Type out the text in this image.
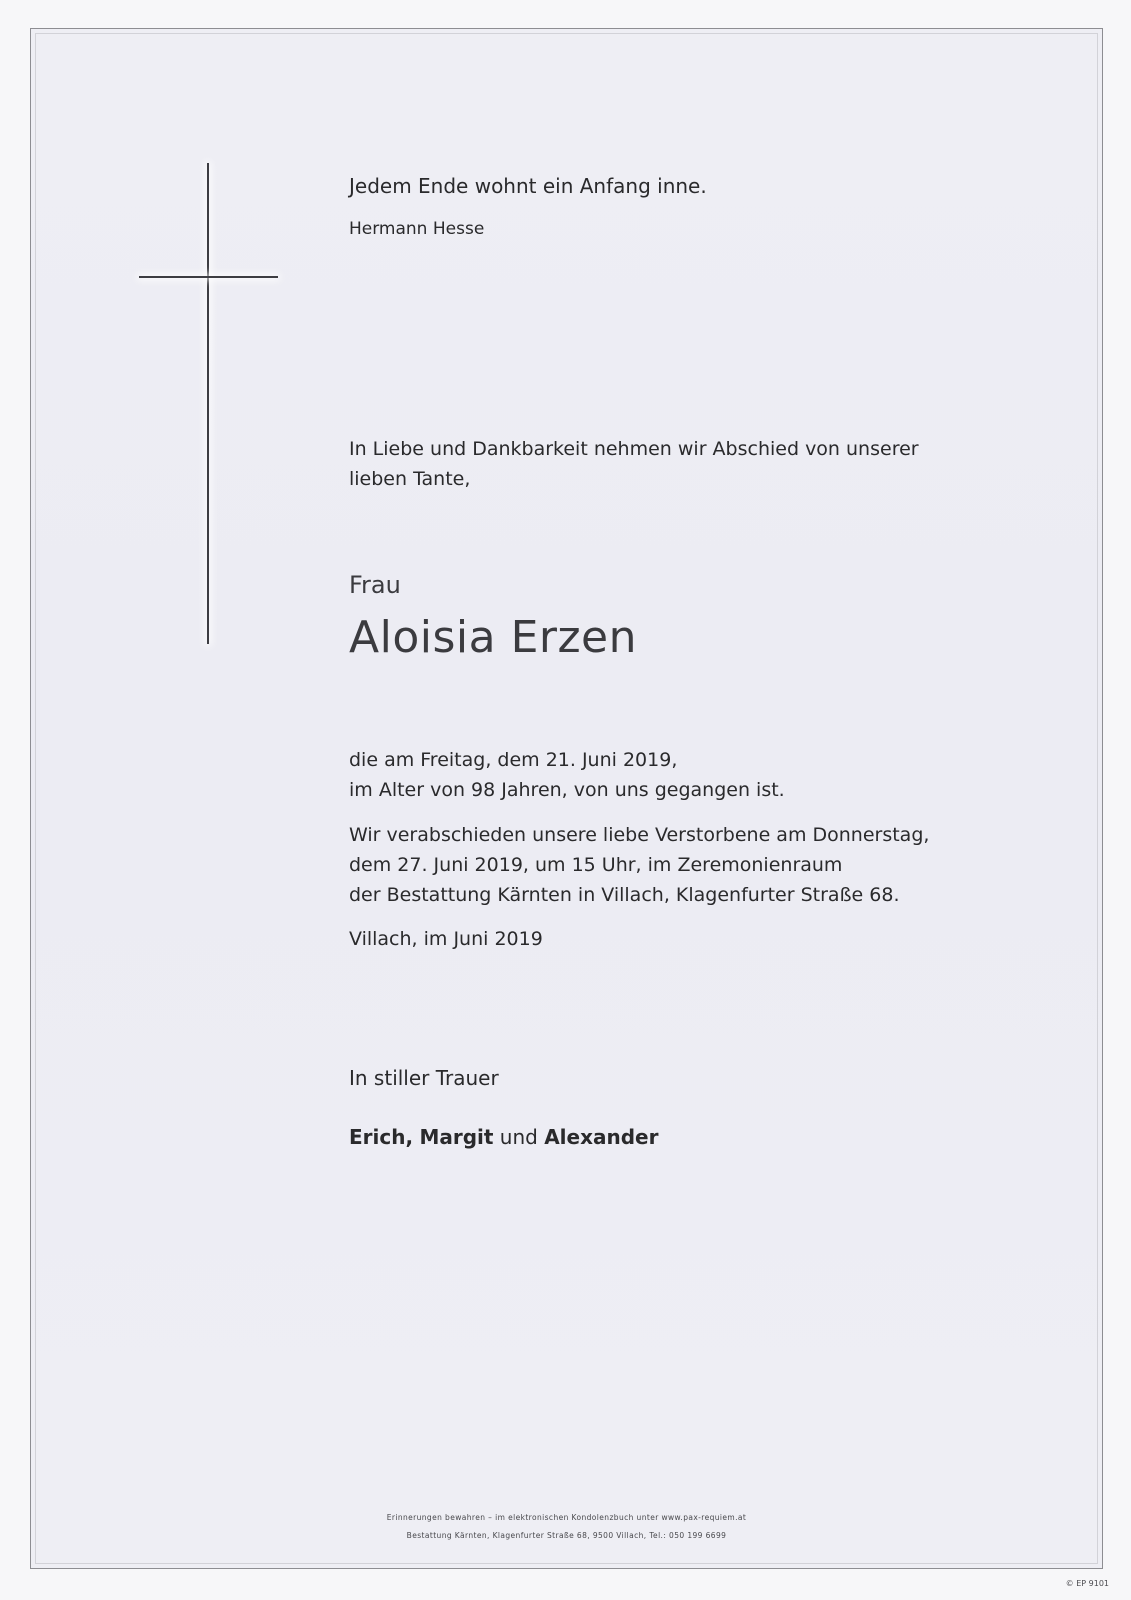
Jedem Ende wohnt ein Anfang inne.

Hermann Hesse

In Liebe und Dankbarkeit nehmen wir Abschied von unserer
lieben Tante,

Frau

Aloisia Erzen

die am Freitag, dem 21. Juni 2019,
im Alter von 98 Jahren, von uns gegangen ist.

Wir verabschieden unsere liebe Verstorbene am Donnerstag,
dem 27. Juni 2019, um 15 Uhr, im Zeremonienraum
der Bestattung Kärnten in Villach, Klagenfurter Straße 68.

Villach, im Juni 2019

In stiller Trauer

Erich, Margit und Alexander

Erinnerungen bewahren – im elektronischen Kondolenzbuch unter www.pax-requiem.at

Bestattung Kärnten, Klagenfurter Straße 68, 9500 Villach, Tel.: 050 199 6699

© EP 9101
